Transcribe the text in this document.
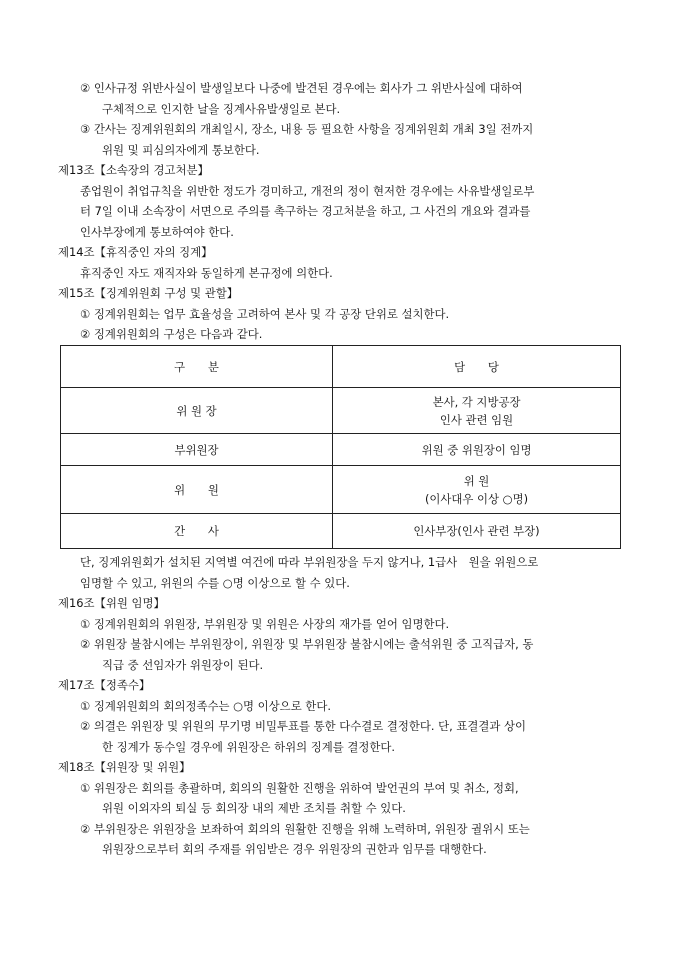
② 인사규정 위반사실이 발생일보다 나중에 발견된 경우에는 회사가 그 위반사실에 대하여
구체적으로 인지한 날을 징계사유발생일로 본다.
③ 간사는 징계위원회의 개최일시, 장소, 내용 등 필요한 사항을 징계위원회 개최 3일 전까지
위원 및 피심의자에게 통보한다.
제13조【소속장의 경고처분】
종업원이 취업규칙을 위반한 정도가 경미하고, 개전의 정이 현저한 경우에는 사유발생일로부
터 7일 이내 소속장이 서면으로 주의를 촉구하는 경고처분을 하고, 그 사건의 개요와 결과를
인사부장에게 통보하여야 한다.
제14조【휴직중인 자의 징계】
휴직중인 자도 재직자와 동일하게 본규정에 의한다.
제15조【징계위원회 구성 및 관할】
① 징계위원회는 업무 효율성을 고려하여 본사 및 각 공장 단위로 설치한다.
② 징계위원회의 구성은 다음과 같다.
구　　분	담　　당
위 원 장	본사, 각 지방공장
인사 관련 임원

부위원장	위원 중 위원장이 임명

위　　원	위 원
(이사대우 이상 ○명)

간　　사	인사부장(인사 관련 부장)
단, 징계위원회가 설치된 지역별 여건에 따라 부위원장을 두지 않거나, 1급사　원을 위원으로
임명할 수 있고, 위원의 수를 ○명 이상으로 할 수 있다.
제16조【위원 임명】
① 징계위원회의 위원장, 부위원장 및 위원은 사장의 재가를 얻어 임명한다.
② 위원장 불참시에는 부위원장이, 위원장 및 부위원장 불참시에는 출석위원 중 고직급자, 동
직급 중 선임자가 위원장이 된다.
제17조【정족수】
① 징계위원회의 회의정족수는 ○명 이상으로 한다.
② 의결은 위원장 및 위원의 무기명 비밀투표를 통한 다수결로 결정한다. 단, 표결결과 상이
한 징계가 동수일 경우에 위원장은 하위의 징계를 결정한다.
제18조【위원장 및 위원】
① 위원장은 회의를 총괄하며, 회의의 원활한 진행을 위하여 발언권의 부여 및 취소, 정회,
위원 이외자의 퇴실 등 회의장 내의 제반 조치를 취할 수 있다.
② 부위원장은 위원장을 보좌하여 회의의 원활한 진행을 위해 노력하며, 위원장 궐위시 또는
위원장으로부터 회의 주재를 위임받은 경우 위원장의 권한과 임무를 대행한다.
